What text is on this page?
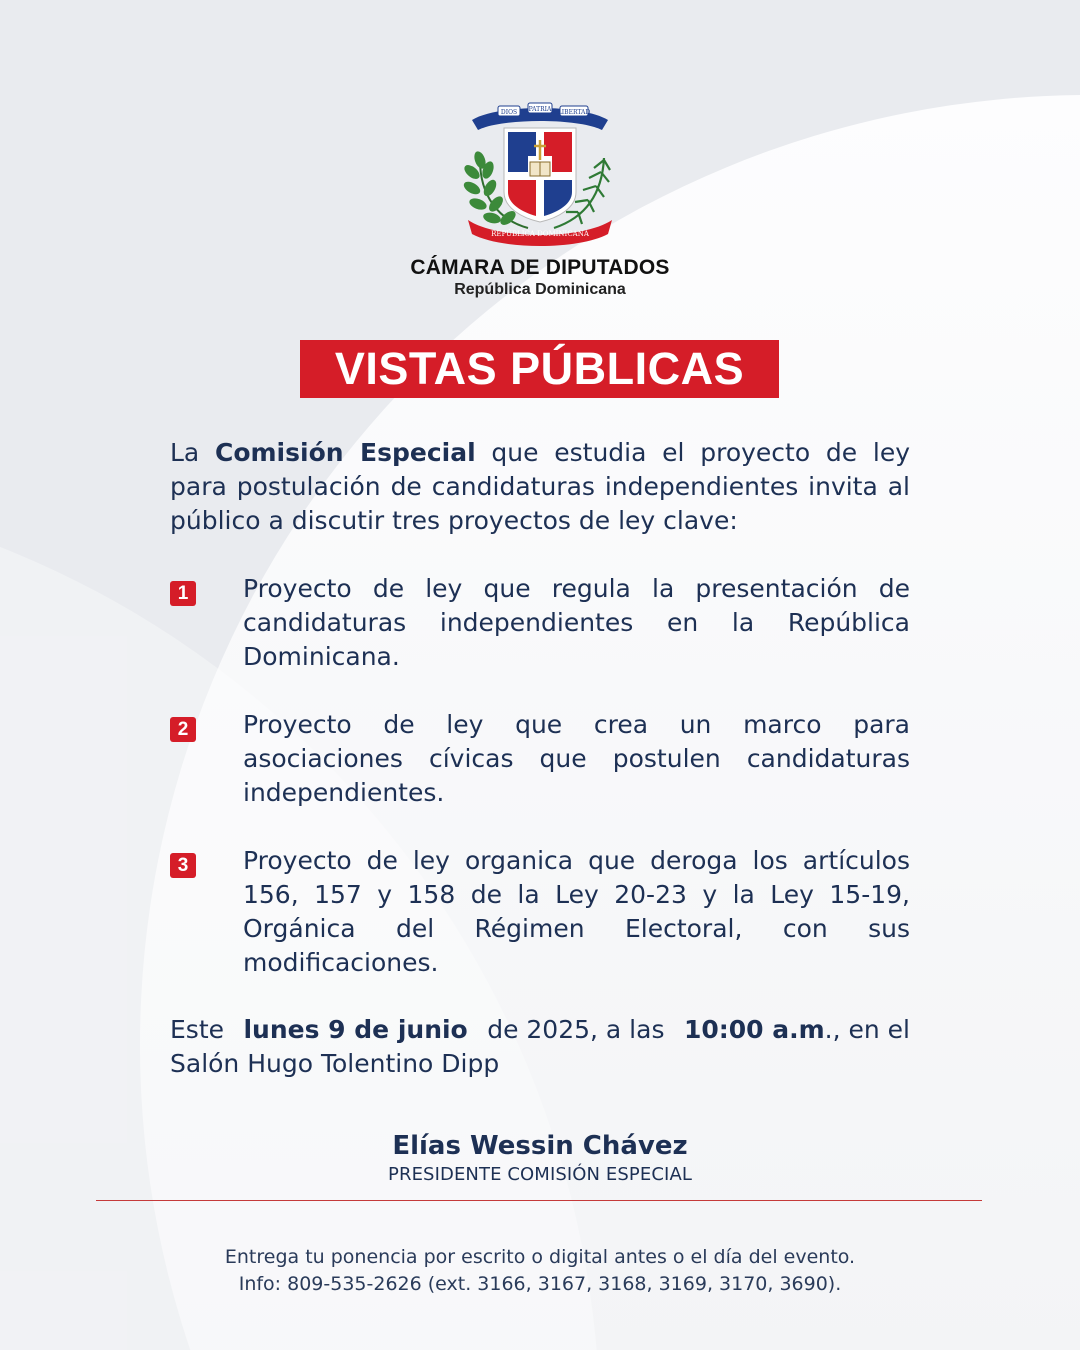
DIOS PATRIA LIBERTAD
REPÚBLICA DOMINICANA
CÁMARA DE DIPUTADOS
República Dominicana
VISTAS PÚBLICAS

La Comisión Especial que estudia el proyecto de ley para postulación de candidaturas independientes invita al público a discutir tres proyectos de ley clave:

1	Proyecto de ley que regula la presentación de candidaturas independientes en la República Dominicana.
2	Proyecto de ley que crea un marco para asociaciones cívicas que postulen candidaturas independientes.
3	Proyecto de ley organica que deroga los artículos 156, 157 y 158 de la Ley 20-23 y la Ley 15-19, Orgánica del Régimen Electoral, con sus modificaciones.
Este lunes 9 de junio de 2025, a las 10:00 a.m., en el
Salón Hugo Tolentino Dipp
Elías Wessin Chávez
PRESIDENTE COMISIÓN ESPECIAL
Entrega tu ponencia por escrito o digital antes o el día del evento.
Info: 809-535-2626 (ext. 3166, 3167, 3168, 3169, 3170, 3690).
